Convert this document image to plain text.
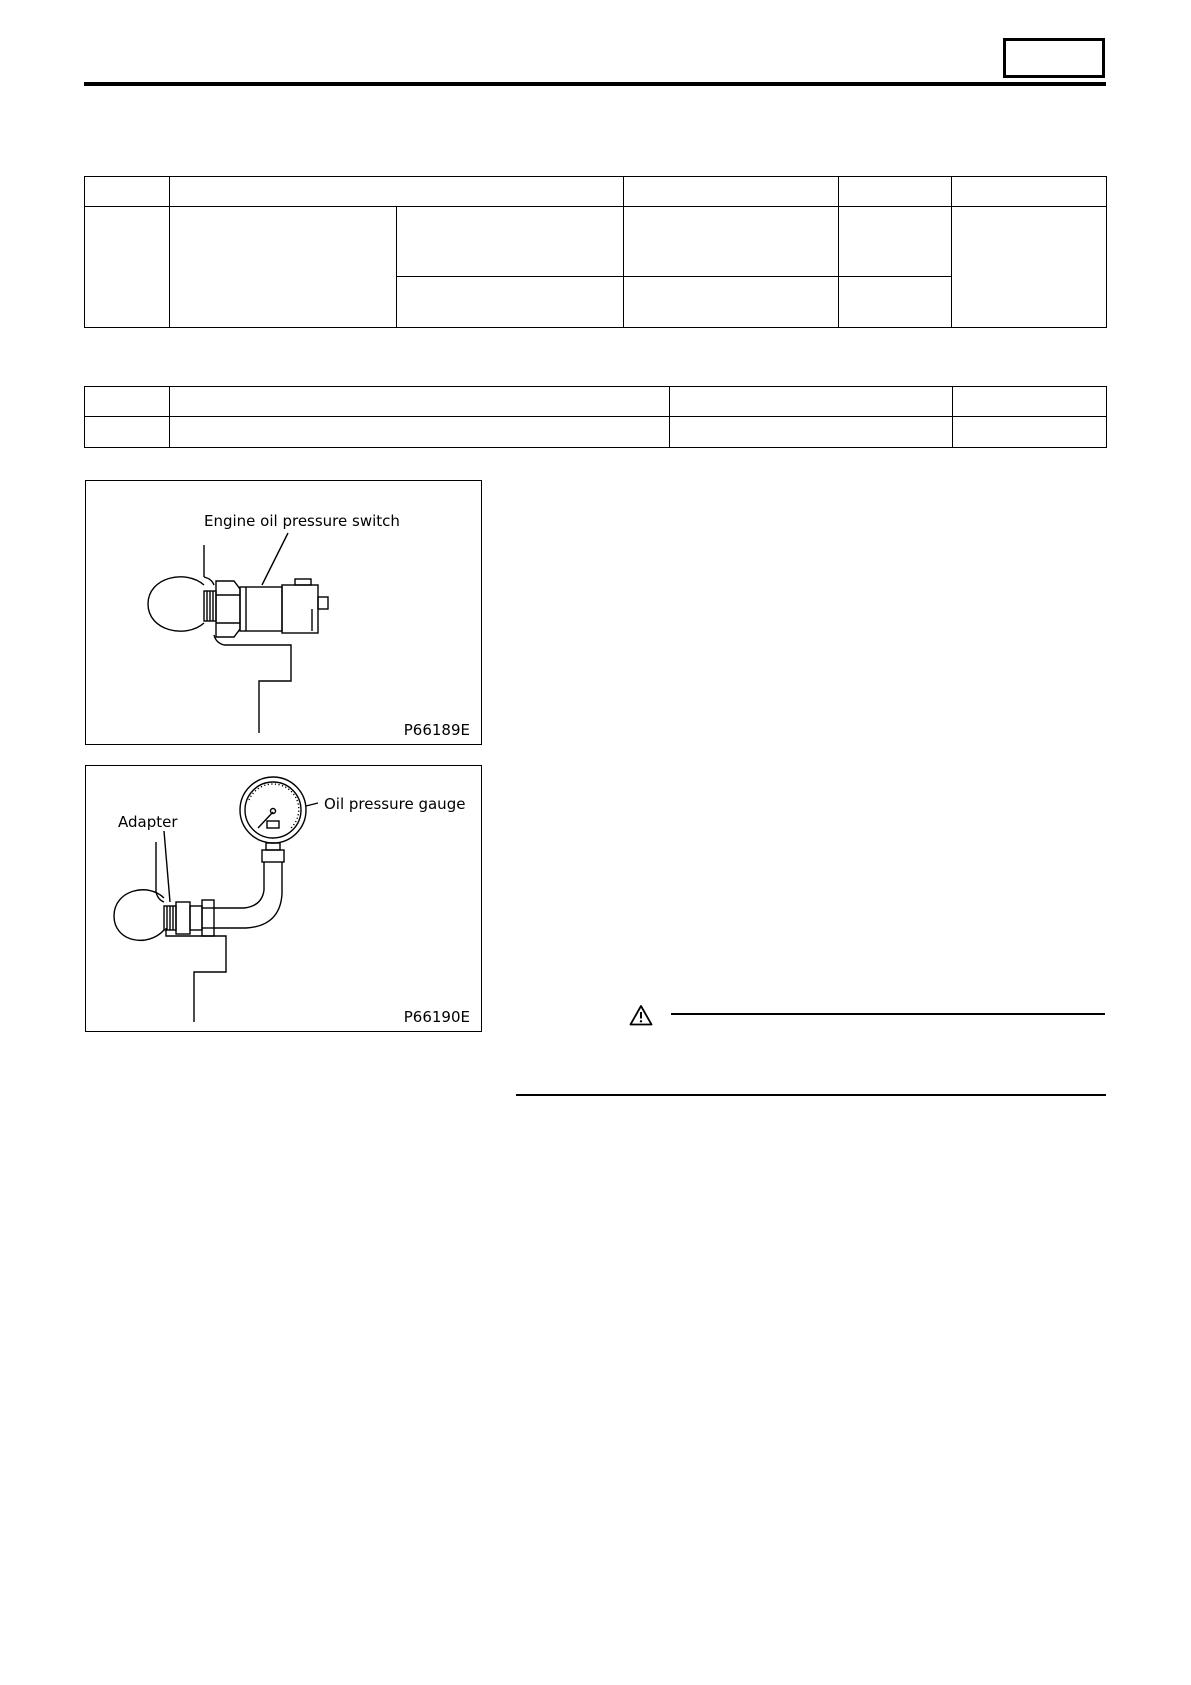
Engine oil pressure switch
P66189E
Oil pressure gauge
Adapter
P66190E
